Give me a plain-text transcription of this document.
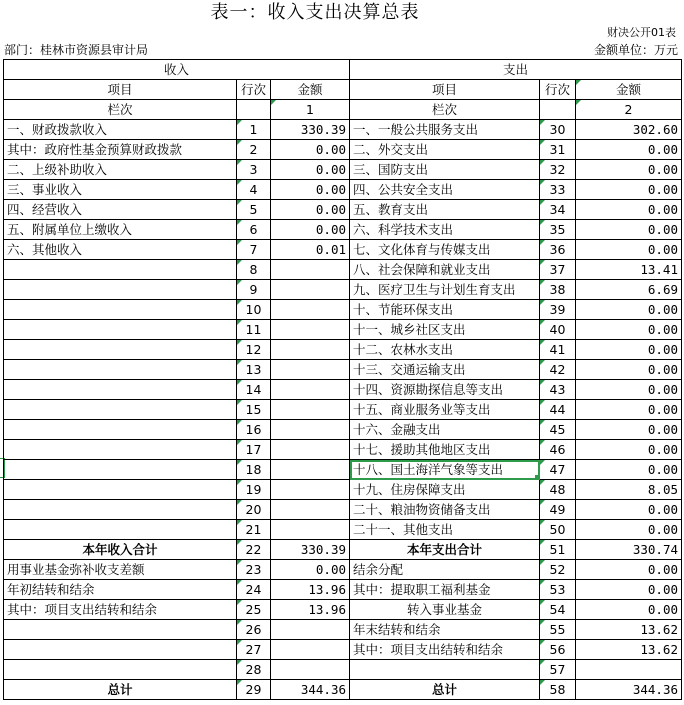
表一：收入支出决算总表
财决公开01表
部门：桂林市资源县审计局	金额单位：万元
收入			支出		
项目	行次	金额	项目	行次	金额
栏次		1	栏次		2
一、财政拨款收入	1	330.39	一、一般公共服务支出	30	302.60
其中：政府性基金预算财政拨款	2	0.00	二、外交支出	31	0.00
二、上级补助收入	3	0.00	三、国防支出	32	0.00
三、事业收入	4	0.00	四、公共安全支出	33	0.00
四、经营收入	5	0.00	五、教育支出	34	0.00
五、附属单位上缴收入	6	0.00	六、科学技术支出	35	0.00
六、其他收入	7	0.01	七、文化体育与传媒支出	36	0.00
	8		八、社会保障和就业支出	37	13.41
	9		九、医疗卫生与计划生育支出	38	6.69
	10		十、节能环保支出	39	0.00
	11		十一、城乡社区支出	40	0.00
	12		十二、农林水支出	41	0.00
	13		十三、交通运输支出	42	0.00
	14		十四、资源勘探信息等支出	43	0.00
	15		十五、商业服务业等支出	44	0.00
	16		十六、金融支出	45	0.00
	17		十七、援助其他地区支出	46	0.00
	18		十八、国土海洋气象等支出	47	0.00
	19		十九、住房保障支出	48	8.05
	20		二十、粮油物资储备支出	49	0.00
	21		二十一、其他支出	50	0.00
本年收入合计	22	330.39	本年支出合计	51	330.74
用事业基金弥补收支差额	23	0.00	结余分配	52	0.00
年初结转和结余	24	13.96	其中：提取职工福利基金	53	0.00
其中：项目支出结转和结余	25	13.96	转入事业基金	54	0.00
	26		年末结转和结余	55	13.62
	27		其中：项目支出结转和结余	56	13.62
	28			57	
总计	29	344.36	总计	58	344.36
